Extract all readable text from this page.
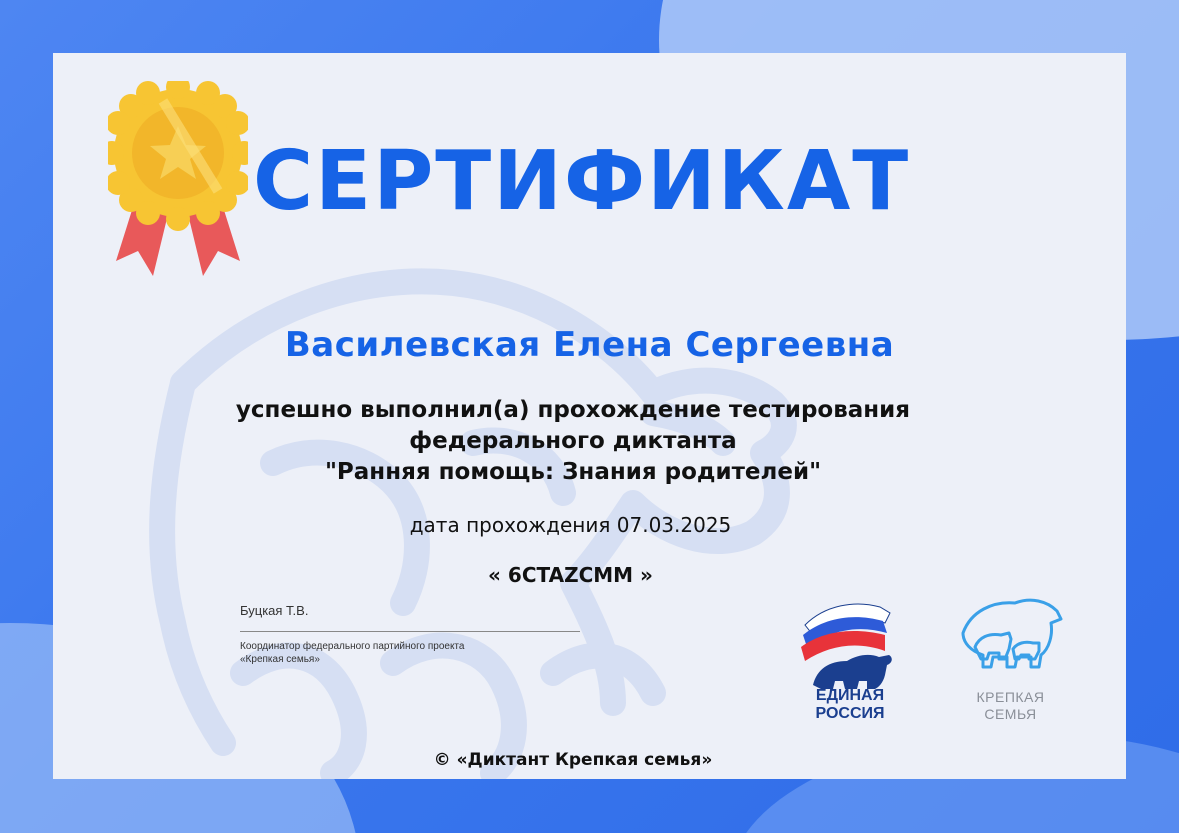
СЕРТИФИКАТ
Василевская Елена Сергеевна
успешно выполнил(а) прохождение тестирования
федерального диктанта
"Ранняя помощь: Знания родителей"
дата прохождения 07.03.2025
« 6CTAZCMM »
Буцкая Т.В.
Координатор федерального партийного проекта «Крепкая семья»
ЕДИНАЯ
РОССИЯ
КРЕПКАЯ
СЕМЬЯ
© «Диктант Крепкая семья»
